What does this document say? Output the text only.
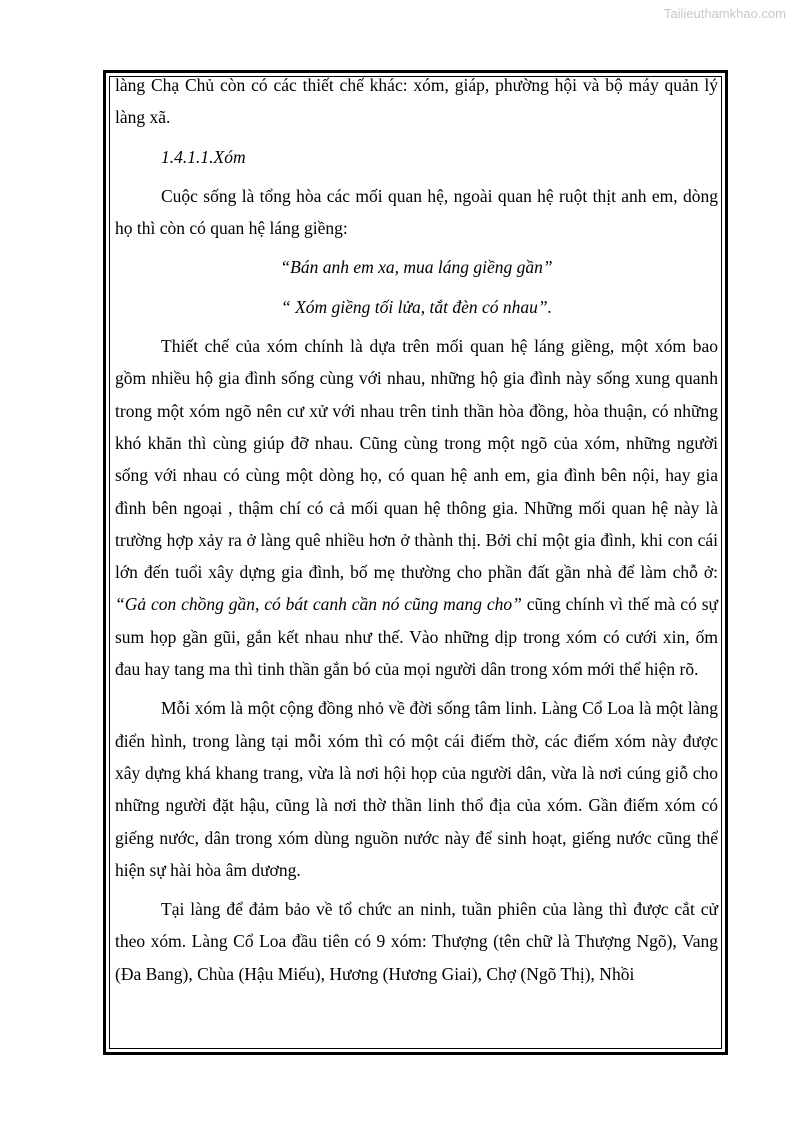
Tailieuthamkhao.com

làng Chạ Chủ còn có các thiết chế khác: xóm, giáp, phường hội và bộ máy quản lý làng xã.

1.4.1.1.Xóm

Cuộc sống là tổng hòa các mối quan hệ, ngoài quan hệ ruột thịt anh em, dòng họ thì còn có quan hệ láng giềng:

“Bán anh em xa, mua láng giềng gần”

“ Xóm giềng tối lửa, tắt đèn có nhau”.

Thiết chế của xóm chính là dựa trên mối quan hệ láng giềng, một xóm bao gồm nhiều hộ gia đình sống cùng với nhau, những hộ gia đình này sống xung quanh trong một xóm ngõ nên cư xử với nhau trên tinh thần hòa đồng, hòa thuận, có những khó khăn thì cùng giúp đỡ nhau. Cũng cùng trong một ngõ của xóm, những người sống với nhau có cùng một dòng họ, có quan hệ anh em, gia đình bên nội, hay gia đình bên ngoại , thậm chí có cả mối quan hệ thông gia. Những mối quan hệ này là trường hợp xảy ra ở làng quê nhiều hơn ở thành thị. Bởi chỉ một gia đình, khi con cái lớn đến tuổi xây dựng gia đình, bố mẹ thường cho phần đất gần nhà để làm chỗ ở: “Gả con chồng gần, có bát canh cần nó cũng mang cho” cũng chính vì thế mà có sự sum họp gần gũi, gắn kết nhau như thế. Vào những dịp trong xóm có cưới xin, ốm đau hay tang ma thì tinh thần gắn bó của mọi người dân trong xóm mới thể hiện rõ.

Mỗi xóm là một cộng đồng nhỏ về đời sống tâm linh. Làng Cổ Loa là một làng điển hình, trong làng tại mỗi xóm thì có một cái điếm thờ, các điếm xóm này được xây dựng khá khang trang, vừa là nơi hội họp của người dân, vừa là nơi cúng giỗ cho những người đặt hậu, cũng là nơi thờ thần linh thổ địa của xóm. Gần điếm xóm có giếng nước, dân trong xóm dùng nguồn nước này để sinh hoạt, giếng nước cũng thể hiện sự hài hòa âm dương.

Tại làng để đảm bảo về tổ chức an ninh, tuần phiên của làng thì được cắt cử theo xóm. Làng Cổ Loa đầu tiên có 9 xóm: Thượng (tên chữ là Thượng Ngõ), Vang (Đa Bang), Chùa (Hậu Miếu), Hương (Hương Giai), Chợ (Ngõ Thị), Nhồi
